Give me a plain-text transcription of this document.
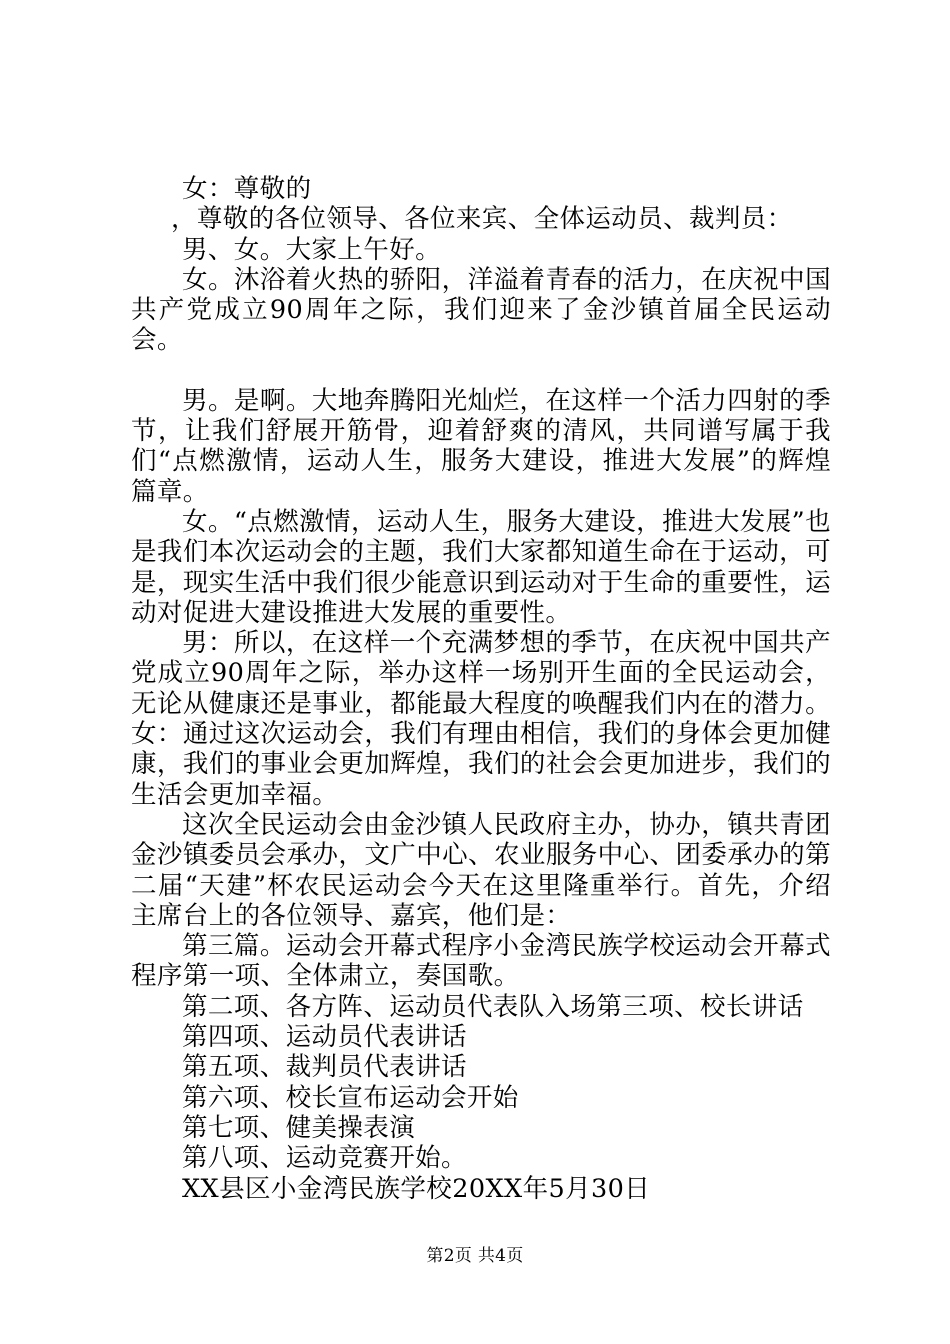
女：尊敬的

，尊敬的各位领导、各位来宾、全体运动员、裁判员：

男、女。大家上午好。

女。沐浴着火热的骄阳，洋溢着青春的活力，在庆祝中国共产党成立90周年之际，我们迎来了金沙镇首届全民运动会。

男。是啊。大地奔腾阳光灿烂，在这样一个活力四射的季节，让我们舒展开筋骨，迎着舒爽的清风，共同谱写属于我们“点燃激情，运动人生，服务大建设，推进大发展”的辉煌篇章。

女。“点燃激情，运动人生，服务大建设，推进大发展”也是我们本次运动会的主题，我们大家都知道生命在于运动，可是，现实生活中我们很少能意识到运动对于生命的重要性，运动对促进大建设推进大发展的重要性。

男：所以，在这样一个充满梦想的季节，在庆祝中国共产党成立90周年之际，举办这样一场别开生面的全民运动会，无论从健康还是事业，都能最大程度的唤醒我们内在的潜力。女：通过这次运动会，我们有理由相信，我们的身体会更加健康，我们的事业会更加辉煌，我们的社会会更加进步，我们的生活会更加幸福。

这次全民运动会由金沙镇人民政府主办，协办，镇共青团金沙镇委员会承办，文广中心、农业服务中心、团委承办的第二届“天建”杯农民运动会今天在这里隆重举行。首先，介绍主席台上的各位领导、嘉宾，他们是：

第三篇。运动会开幕式程序小金湾民族学校运动会开幕式程序第一项、全体肃立，奏国歌。

第二项、各方阵、运动员代表队入场第三项、校长讲话

第四项、运动员代表讲话

第五项、裁判员代表讲话

第六项、校长宣布运动会开始

第七项、健美操表演

第八项、运动竞赛开始。

XX县区小金湾民族学校20XX年5月30日

第2页 共4页
